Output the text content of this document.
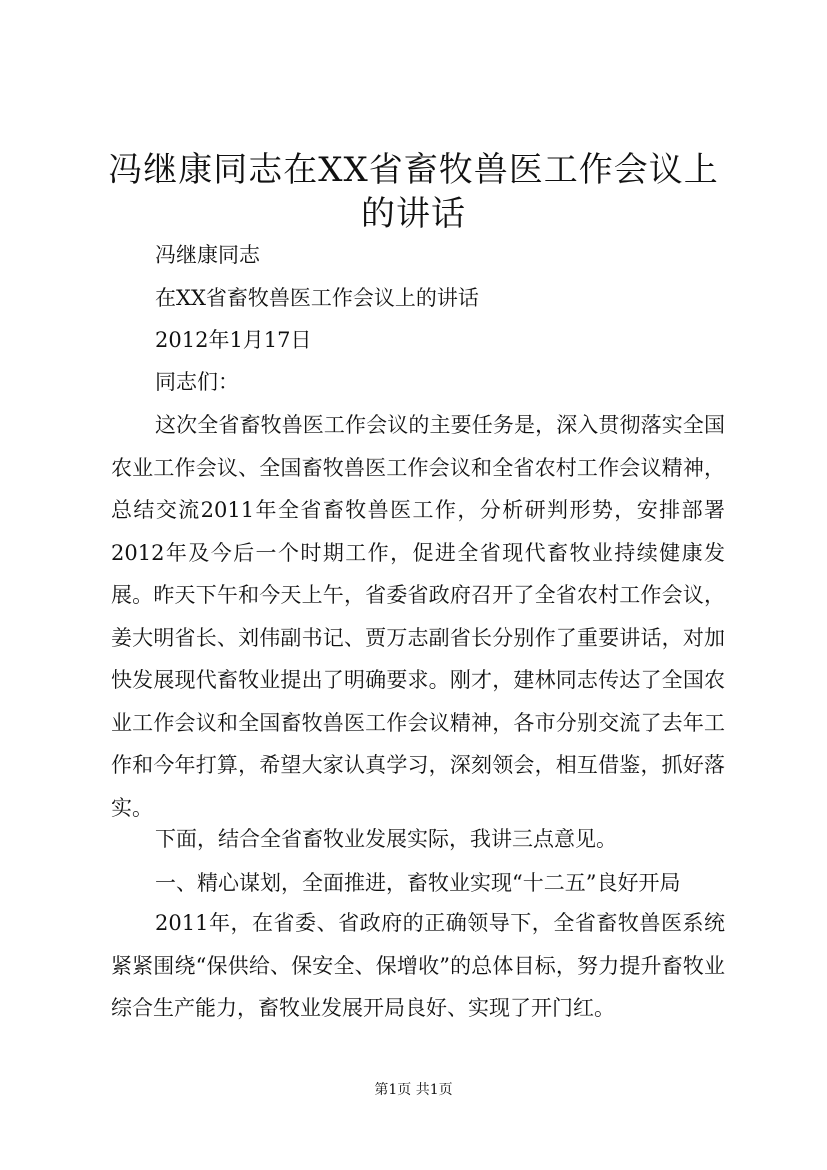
冯继康同志在XX省畜牧兽医工作会议上的讲话

冯继康同志

在XX省畜牧兽医工作会议上的讲话

2012年1月17日

同志们：

这次全省畜牧兽医工作会议的主要任务是，深入贯彻落实全国农业工作会议、全国畜牧兽医工作会议和全省农村工作会议精神，总结交流2011年全省畜牧兽医工作，分析研判形势，安排部署2012年及今后一个时期工作，促进全省现代畜牧业持续健康发展。昨天下午和今天上午，省委省政府召开了全省农村工作会议，姜大明省长、刘伟副书记、贾万志副省长分别作了重要讲话，对加快发展现代畜牧业提出了明确要求。刚才，建林同志传达了全国农业工作会议和全国畜牧兽医工作会议精神，各市分别交流了去年工作和今年打算，希望大家认真学习，深刻领会，相互借鉴，抓好落实。

下面，结合全省畜牧业发展实际，我讲三点意见。

一、精心谋划，全面推进，畜牧业实现“十二五”良好开局

2011年，在省委、省政府的正确领导下，全省畜牧兽医系统紧紧围绕“保供给、保安全、保增收”的总体目标，努力提升畜牧业综合生产能力，畜牧业发展开局良好、实现了开门红。

第1页 共1页
